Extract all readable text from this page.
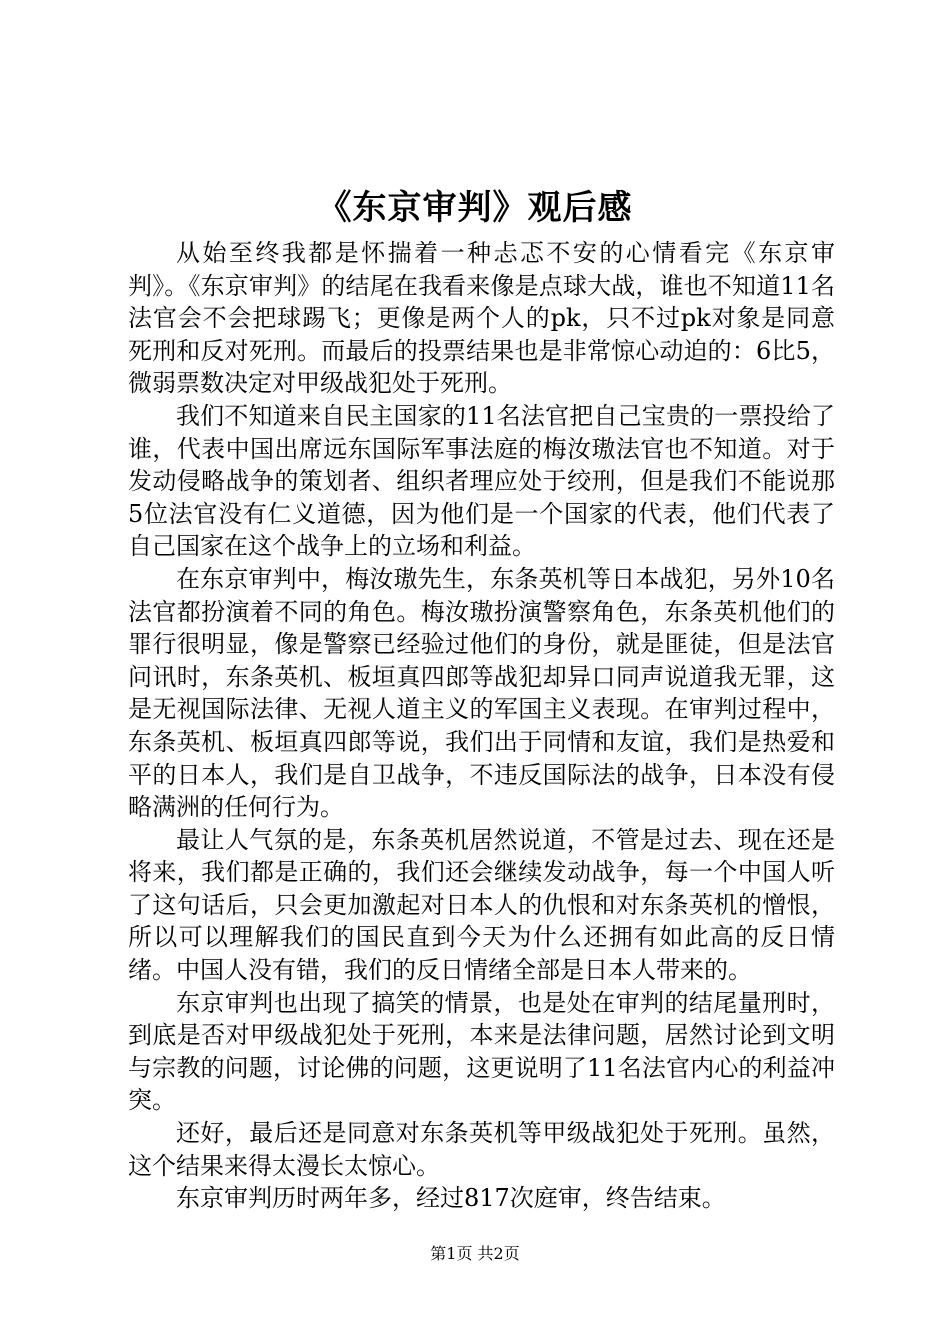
《东京审判》观后感

从始至终我都是怀揣着一种忐忑不安的心情看完《东京审判》。《东京审判》的结尾在我看来像是点球大战，谁也不知道11名法官会不会把球踢飞；更像是两个人的pk，只不过pk对象是同意死刑和反对死刑。而最后的投票结果也是非常惊心动迫的：6比5，微弱票数决定对甲级战犯处于死刑。

我们不知道来自民主国家的11名法官把自己宝贵的一票投给了谁，代表中国出席远东国际军事法庭的梅汝璈法官也不知道。对于发动侵略战争的策划者、组织者理应处于绞刑，但是我们不能说那5位法官没有仁义道德，因为他们是一个国家的代表，他们代表了自己国家在这个战争上的立场和利益。

在东京审判中，梅汝璈先生，东条英机等日本战犯，另外10名法官都扮演着不同的角色。梅汝璈扮演警察角色，东条英机他们的罪行很明显，像是警察已经验过他们的身份，就是匪徒，但是法官问讯时，东条英机、板垣真四郎等战犯却异口同声说道我无罪，这是无视国际法律、无视人道主义的军国主义表现。在审判过程中，东条英机、板垣真四郎等说，我们出于同情和友谊，我们是热爱和平的日本人，我们是自卫战争，不违反国际法的战争，日本没有侵略满洲的任何行为。

最让人气氛的是，东条英机居然说道，不管是过去、现在还是将来，我们都是正确的，我们还会继续发动战争，每一个中国人听了这句话后，只会更加激起对日本人的仇恨和对东条英机的憎恨，所以可以理解我们的国民直到今天为什么还拥有如此高的反日情绪。中国人没有错，我们的反日情绪全部是日本人带来的。

东京审判也出现了搞笑的情景，也是处在审判的结尾量刑时，到底是否对甲级战犯处于死刑，本来是法律问题，居然讨论到文明与宗教的问题，讨论佛的问题，这更说明了11名法官内心的利益冲突。

还好，最后还是同意对东条英机等甲级战犯处于死刑。虽然，这个结果来得太漫长太惊心。

东京审判历时两年多，经过817次庭审，终告结束。

第1页 共2页
